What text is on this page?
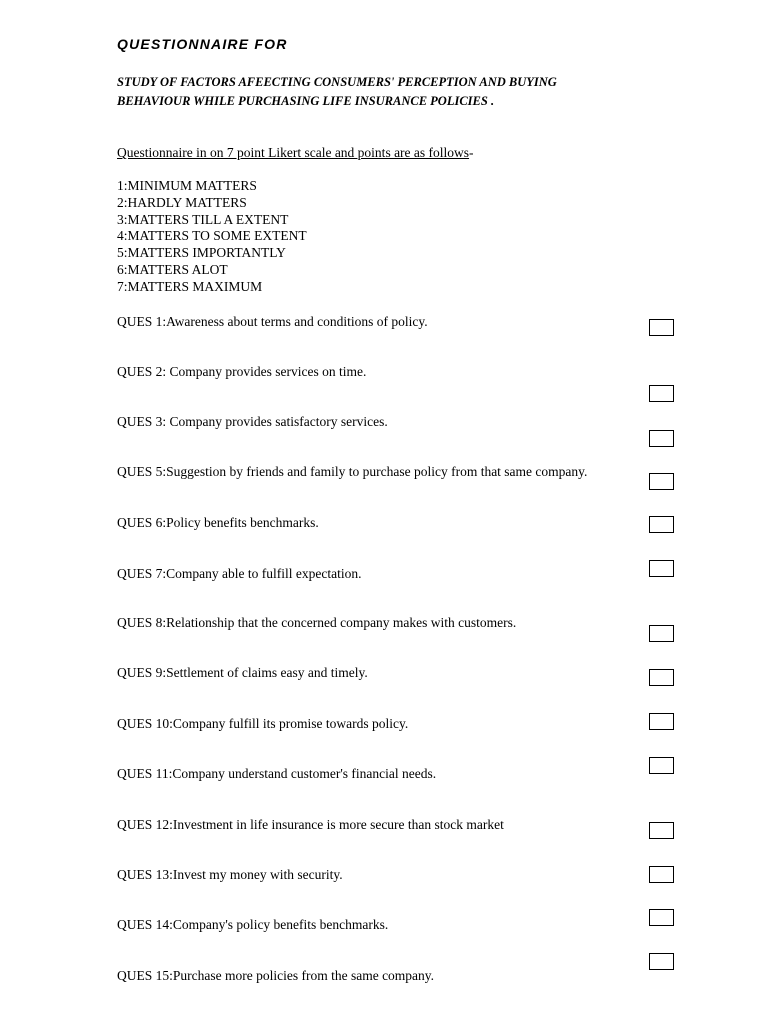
QUESTIONNAIRE FOR
STUDY OF FACTORS AFEECTING CONSUMERS' PERCEPTION AND BUYING
BEHAVIOUR WHILE PURCHASING LIFE INSURANCE POLICIES .
Questionnaire in on 7 point Likert scale and points are as follows-
1:MINIMUM MATTERS
2:HARDLY MATTERS
3:MATTERS TILL A EXTENT
4:MATTERS TO SOME EXTENT
5:MATTERS IMPORTANTLY
6:MATTERS ALOT
7:MATTERS MAXIMUM
QUES 1:Awareness about terms and conditions of policy.
QUES 2: Company provides services on time.
QUES 3: Company provides satisfactory services.
QUES 5:Suggestion by friends and family to purchase policy from that same company.
QUES 6:Policy benefits benchmarks.
QUES 7:Company able to fulfill expectation.
QUES 8:Relationship that the concerned company makes with customers.
QUES 9:Settlement of claims easy and timely.
QUES 10:Company fulfill its promise towards policy.
QUES 11:Company understand customer's financial needs.
QUES 12:Investment in life insurance is more secure than stock market
QUES 13:Invest my money with security.
QUES 14:Company's policy benefits benchmarks.
QUES 15:Purchase more policies from the same company.
